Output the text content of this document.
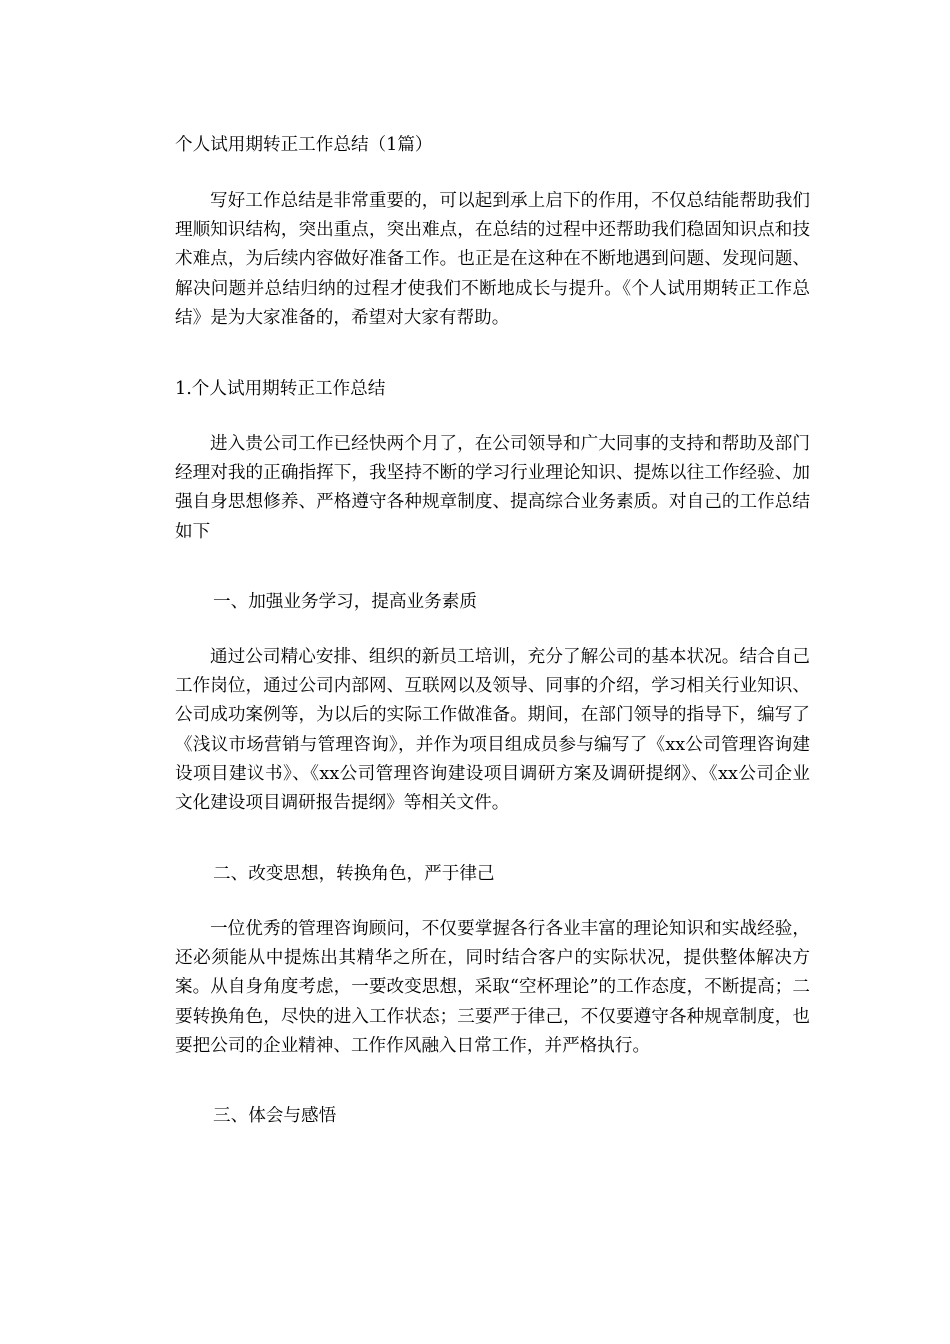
个人试用期转正工作总结（1篇）

写好工作总结是非常重要的，可以起到承上启下的作用，不仅总结能帮助我们理顺知识结构，突出重点，突出难点，在总结的过程中还帮助我们稳固知识点和技术难点，为后续内容做好准备工作。也正是在这种在不断地遇到问题、发现问题、解决问题并总结归纳的过程才使我们不断地成长与提升。《个人试用期转正工作总结》是为大家准备的，希望对大家有帮助。

1.个人试用期转正工作总结

进入贵公司工作已经快两个月了，在公司领导和广大同事的支持和帮助及部门经理对我的正确指挥下，我坚持不断的学习行业理论知识、提炼以往工作经验、加强自身思想修养、严格遵守各种规章制度、提高综合业务素质。对自己的工作总结如下

一、加强业务学习，提高业务素质

通过公司精心安排、组织的新员工培训，充分了解公司的基本状况。结合自己工作岗位，通过公司内部网、互联网以及领导、同事的介绍，学习相关行业知识、公司成功案例等，为以后的实际工作做准备。期间，在部门领导的指导下，编写了《浅议市场营销与管理咨询》，并作为项目组成员参与编写了《xx公司管理咨询建设项目建议书》、《xx公司管理咨询建设项目调研方案及调研提纲》、《xx公司企业文化建设项目调研报告提纲》等相关文件。

二、改变思想，转换角色，严于律己

一位优秀的管理咨询顾问，不仅要掌握各行各业丰富的理论知识和实战经验，还必须能从中提炼出其精华之所在，同时结合客户的实际状况，提供整体解决方案。从自身角度考虑，一要改变思想，采取“空杯理论”的工作态度，不断提高；二要转换角色，尽快的进入工作状态；三要严于律己，不仅要遵守各种规章制度，也要把公司的企业精神、工作作风融入日常工作，并严格执行。

三、体会与感悟
